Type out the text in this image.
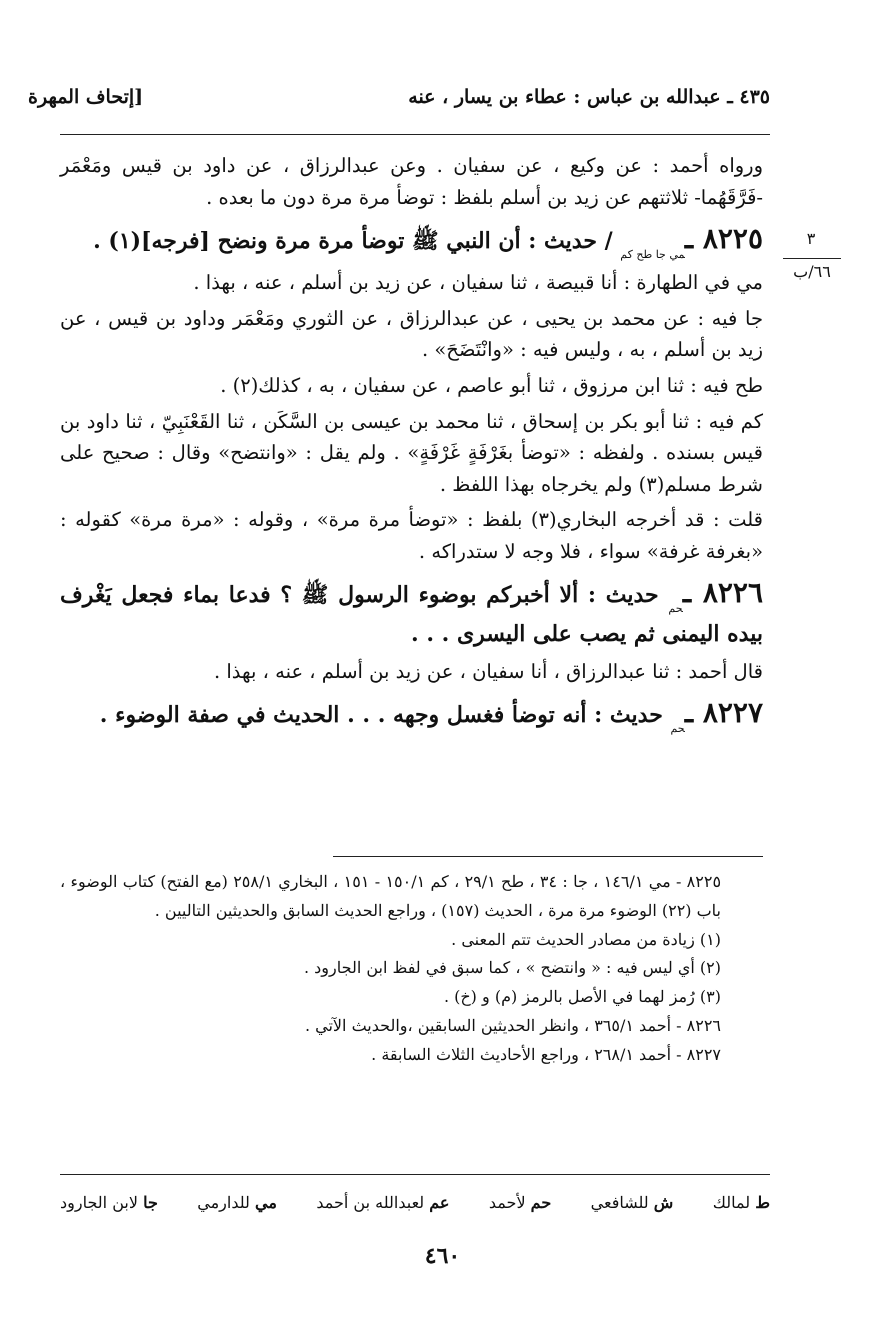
٤٣٥ ـ عبدالله بن عباس : عطاء بن يسار ، عنه
[إتحاف المهرة
٣
٦٦/ب

ورواه أحمد : عن وكيع ، عن سفيان . وعن عبدالرزاق ، عن داود بن قيس ومَعْمَر -فَرَّقَهُما- ثلاثتهم عن زيد بن أسلم بلفظ : توضأ مرة مرة دون ما بعده .

٨٢٢٥ ـ$_{مي جا طح كم}$ / حديث : أن النبي ﷺ توضأ مرة مرة ونضح [فرجه](١) .

مي في الطهارة : أنا قبيصة ، ثنا سفيان ، عن زيد بن أسلم ، عنه ، بهذا .

جا فيه : عن محمد بن يحيى ، عن عبدالرزاق ، عن الثوري ومَعْمَر وداود بن قيس ، عن زيد بن أسلم ، به ، وليس فيه : «وانْتَضَحَ» .

طح فيه : ثنا ابن مرزوق ، ثنا أبو عاصم ، عن سفيان ، به ، كذلك(٢) .

كم فيه : ثنا أبو بكر بن إسحاق ، ثنا محمد بن عيسى بن السَّكَن ، ثنا القَعْنَبِيّ ، ثنا داود بن قيس بسنده . ولفظه : «توضأ بغَرْفَةٍ غَرْفَةٍ» . ولم يقل : «وانتضح» وقال : صحيح على شرط مسلم(٣) ولم يخرجاه بهذا اللفظ .

قلت : قد أخرجه البخاري(٣) بلفظ : «توضأ مرة مرة» ، وقوله : «مرة مرة» كقوله : «بغرفة غرفة» سواء ، فلا وجه لا ستدراكه .

٨٢٢٦ ـ$_{حم}$ حديث : ألا أخبركم بوضوء الرسول ﷺ ؟ فدعا بماء فجعل يَغْرف بيده اليمنى ثم يصب على اليسرى . . .

قال أحمد : ثنا عبدالرزاق ، أنا سفيان ، عن زيد بن أسلم ، عنه ، بهذا .

٨٢٢٧ ـ$_{حم}$ حديث : أنه توضأ فغسل وجهه . . . الحديث في صفة الوضوء .

٨٢٢٥ - مي ١٤٦/١ ، جا : ٣٤ ، طح ٢٩/١ ، كم ١٥٠/١ - ١٥١ ، البخاري ٢٥٨/١ (مع الفتح) كتاب الوضوء ، باب (٢٢) الوضوء مرة مرة ، الحديث (١٥٧) ، وراجع الحديث السابق والحديثين التاليين .

(١) زيادة من مصادر الحديث تتم المعنى .

(٢) أي ليس فيه : « وانتضح » ، كما سبق في لفظ ابن الجارود .

(٣) رُمز لهما في الأصل بالرمز (م) و (خ) .

٨٢٢٦ - أحمد ٣٦٥/١ ، وانظر الحديثين السابقين ،والحديث الآتي .

٨٢٢٧ - أحمد ٢٦٨/١ ، وراجع الأحاديث الثلاث السابقة .

ط لمالك
ش للشافعي
حم لأحمد
عم لعبدالله بن أحمد
مي للدارمي
جا لابن الجارود
٤٦٠
